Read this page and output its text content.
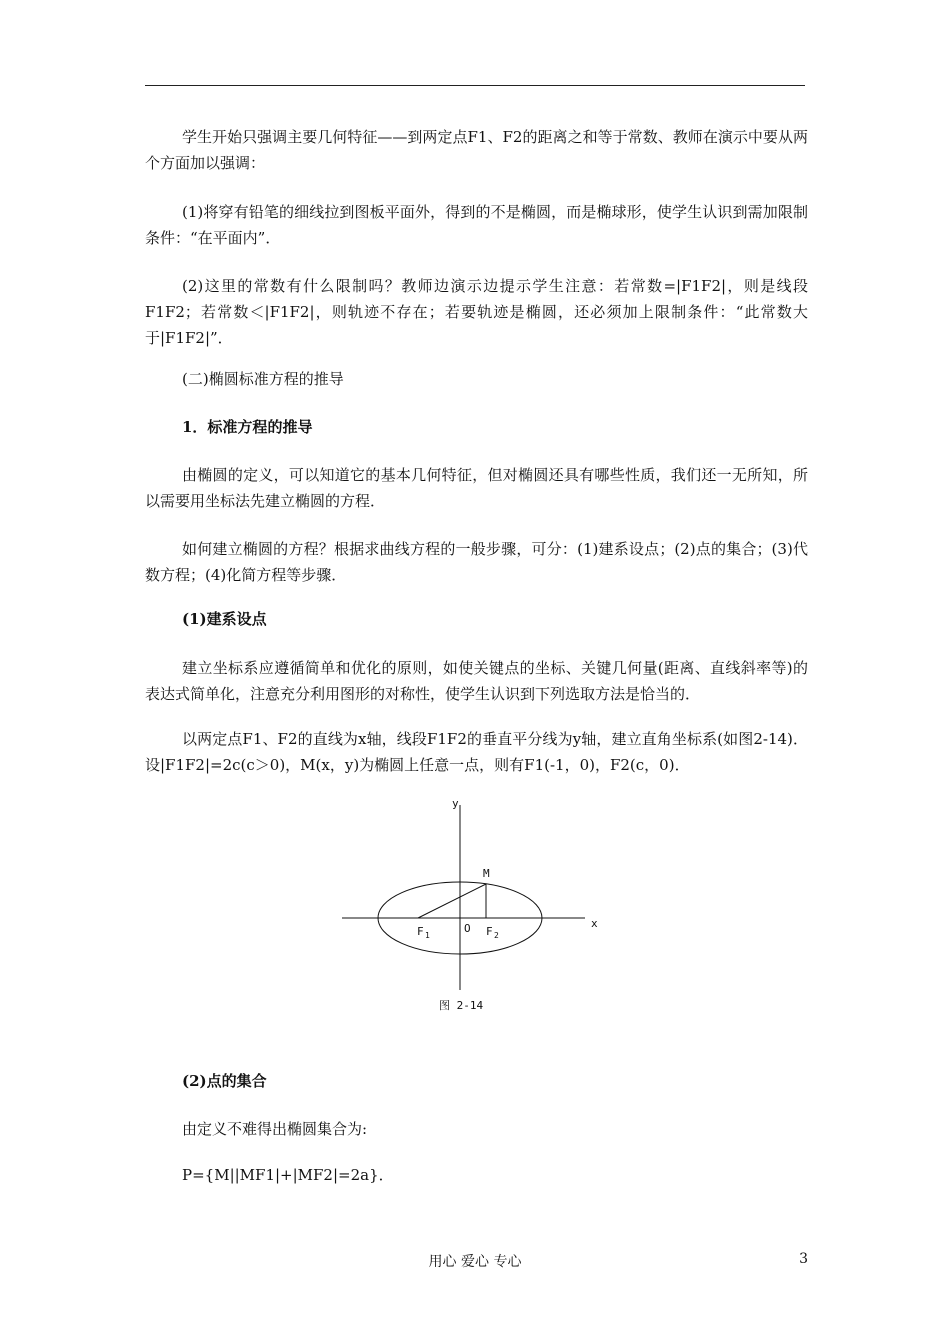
学生开始只强调主要几何特征——到两定点F1、F2的距离之和等于常数、教师在演示中要从两个方面加以强调：

(1)将穿有铅笔的细线拉到图板平面外，得到的不是椭圆，而是椭球形，使学生认识到需加限制条件：“在平面内”．

(2)这里的常数有什么限制吗？教师边演示边提示学生注意：若常数=|F1F2|，则是线段F1F2；若常数＜|F1F2|，则轨迹不存在；若要轨迹是椭圆，还必须加上限制条件：“此常数大于|F1F2|”．

(二)椭圆标准方程的推导

1．标准方程的推导

由椭圆的定义，可以知道它的基本几何特征，但对椭圆还具有哪些性质，我们还一无所知，所以需要用坐标法先建立椭圆的方程．

如何建立椭圆的方程？根据求曲线方程的一般步骤，可分：(1)建系设点；(2)点的集合；(3)代数方程；(4)化简方程等步骤．

(1)建系设点

建立坐标系应遵循简单和优化的原则，如使关键点的坐标、关键几何量(距离、直线斜率等)的表达式简单化，注意充分利用图形的对称性，使学生认识到下列选取方法是恰当的．

以两定点F1、F2的直线为x轴，线段F1F2的垂直平分线为y轴，建立直角坐标系(如图2-14)．设|F1F2|=2c(c＞0)，M(x，y)为椭圆上任意一点，则有F1(-1，0)，F2(c，0)．

y
x
M
F 1
O F 2
图 2-14

(2)点的集合

由定义不难得出椭圆集合为:

P={M||MF1|+|MF2|=2a}．

用心 爱心 专心	3
